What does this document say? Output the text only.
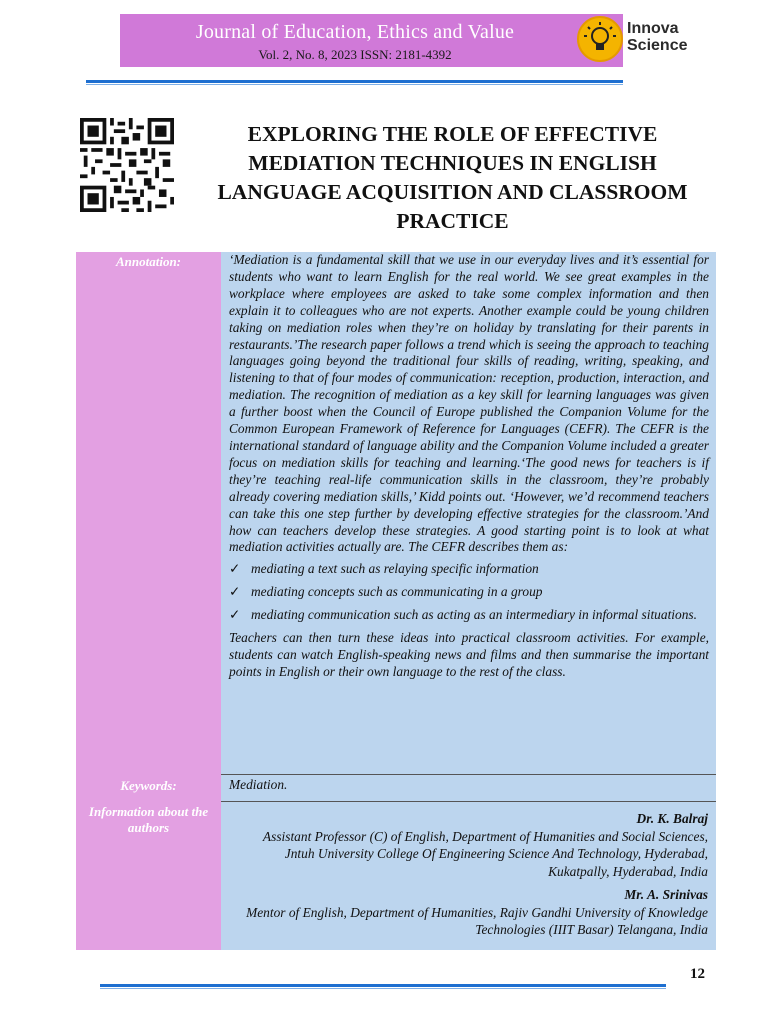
Journal of Education, Ethics and Value
Vol. 2, No. 8, 2023 ISSN: 2181-4392
Innova
Science
EXPLORING THE ROLE OF EFFECTIVE MEDIATION TECHNIQUES IN ENGLISH LANGUAGE ACQUISITION AND CLASSROOM PRACTICE
Annotation:
Keywords:
Information about the authors

‘Mediation is a fundamental skill that we use in our everyday lives and it’s essential for students who want to learn English for the real world. We see great examples in the workplace where employees are asked to take some complex information and then explain it to colleagues who are not experts. Another example could be young children taking on mediation roles when they’re on holiday by translating for their parents in restaurants.’The research paper follows a trend which is seeing the approach to teaching languages going beyond the traditional four skills of reading, writing, speaking, and listening to that of four modes of communication: reception, production, interaction, and mediation. The recognition of mediation as a key skill for learning languages was given a further boost when the Council of Europe published the Companion Volume for the Common European Framework of Reference for Languages (CEFR). The CEFR is the international standard of language ability and the Companion Volume included a greater focus on mediation skills for teaching and learning.‘The good news for teachers is if they’re teaching real-life communication skills in the classroom, they’re probably already covering mediation skills,’ Kidd points out. ‘However, we’d recommend teachers can take this one step further by developing effective strategies for the classroom.’And how can teachers develop these strategies. A good starting point is to look at what mediation activities actually are. The CEFR describes them as:

✓ mediating a text such as relaying specific information
✓ mediating concepts such as communicating in a group
✓ mediating communication such as acting as an intermediary in informal situations.

Teachers can then turn these ideas into practical classroom activities. For example, students can watch English-speaking news and films and then summarise the important points in English or their own language to the rest of the class.

Mediation.
Dr. K. Balraj
Assistant Professor (C) of English, Department of Humanities and Social Sciences, Jntuh University College Of Engineering Science And Technology, Hyderabad, Kukatpally, Hyderabad, India
Mr. A. Srinivas
Mentor of English, Department of Humanities, Rajiv Gandhi University of Knowledge Technologies (IIIT Basar) Telangana, India
12
